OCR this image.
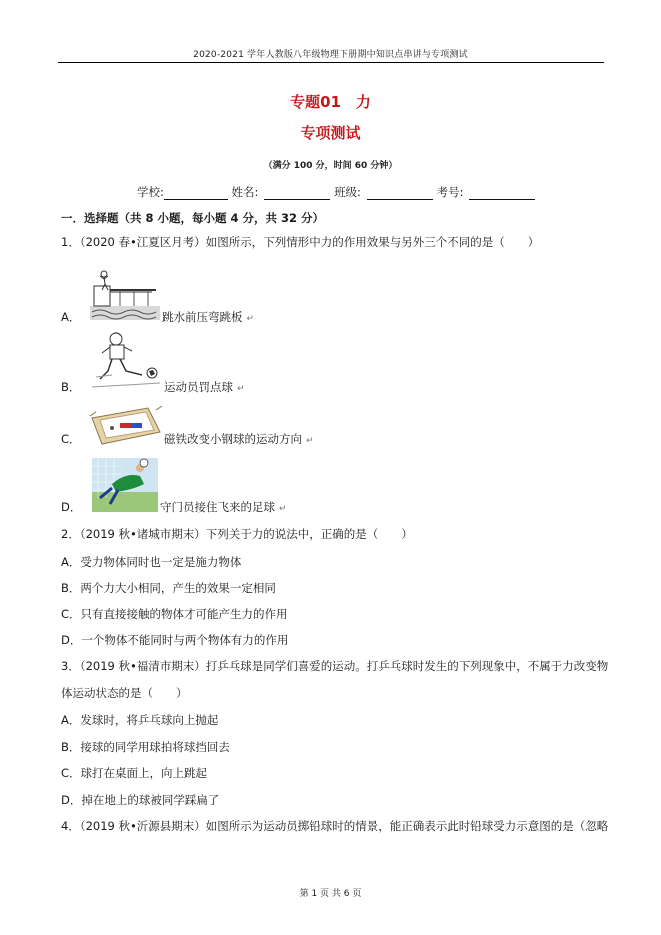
2020-2021 学年人教版八年级物理下册期中知识点串讲与专项测试
专题01　力
专项测试
（满分 100 分，时间 60 分钟）
学校:	姓名:	班级:	考号:
一．选择题（共 8 小题，每小题 4 分，共 32 分）
1．（2020 春•江夏区月考）如图所示，下列情形中力的作用效果与另外三个不同的是（　　）
A．	跳水前压弯跳板 ↵
B．	运动员罚点球 ↵
C．	磁铁改变小钢球的运动方向 ↵
D．	守门员接住飞来的足球 ↵
2．（2019 秋•诸城市期末）下列关于力的说法中，正确的是（　　）
A．受力物体同时也一定是施力物体
B．两个力大小相同，产生的效果一定相同
C．只有直接接触的物体才可能产生力的作用
D．一个物体不能同时与两个物体有力的作用
3．（2019 秋•福清市期末）打乒乓球是同学们喜爱的运动。打乒乓球时发生的下列现象中，不属于力改变物
体运动状态的是（　　）
A．发球时，将乒乓球向上抛起
B．接球的同学用球拍将球挡回去
C．球打在桌面上，向上跳起
D．掉在地上的球被同学踩扁了
4．（2019 秋•沂源县期末）如图所示为运动员掷铅球时的情景，能正确表示此时铅球受力示意图的是（忽略
第 1 页 共 6 页
